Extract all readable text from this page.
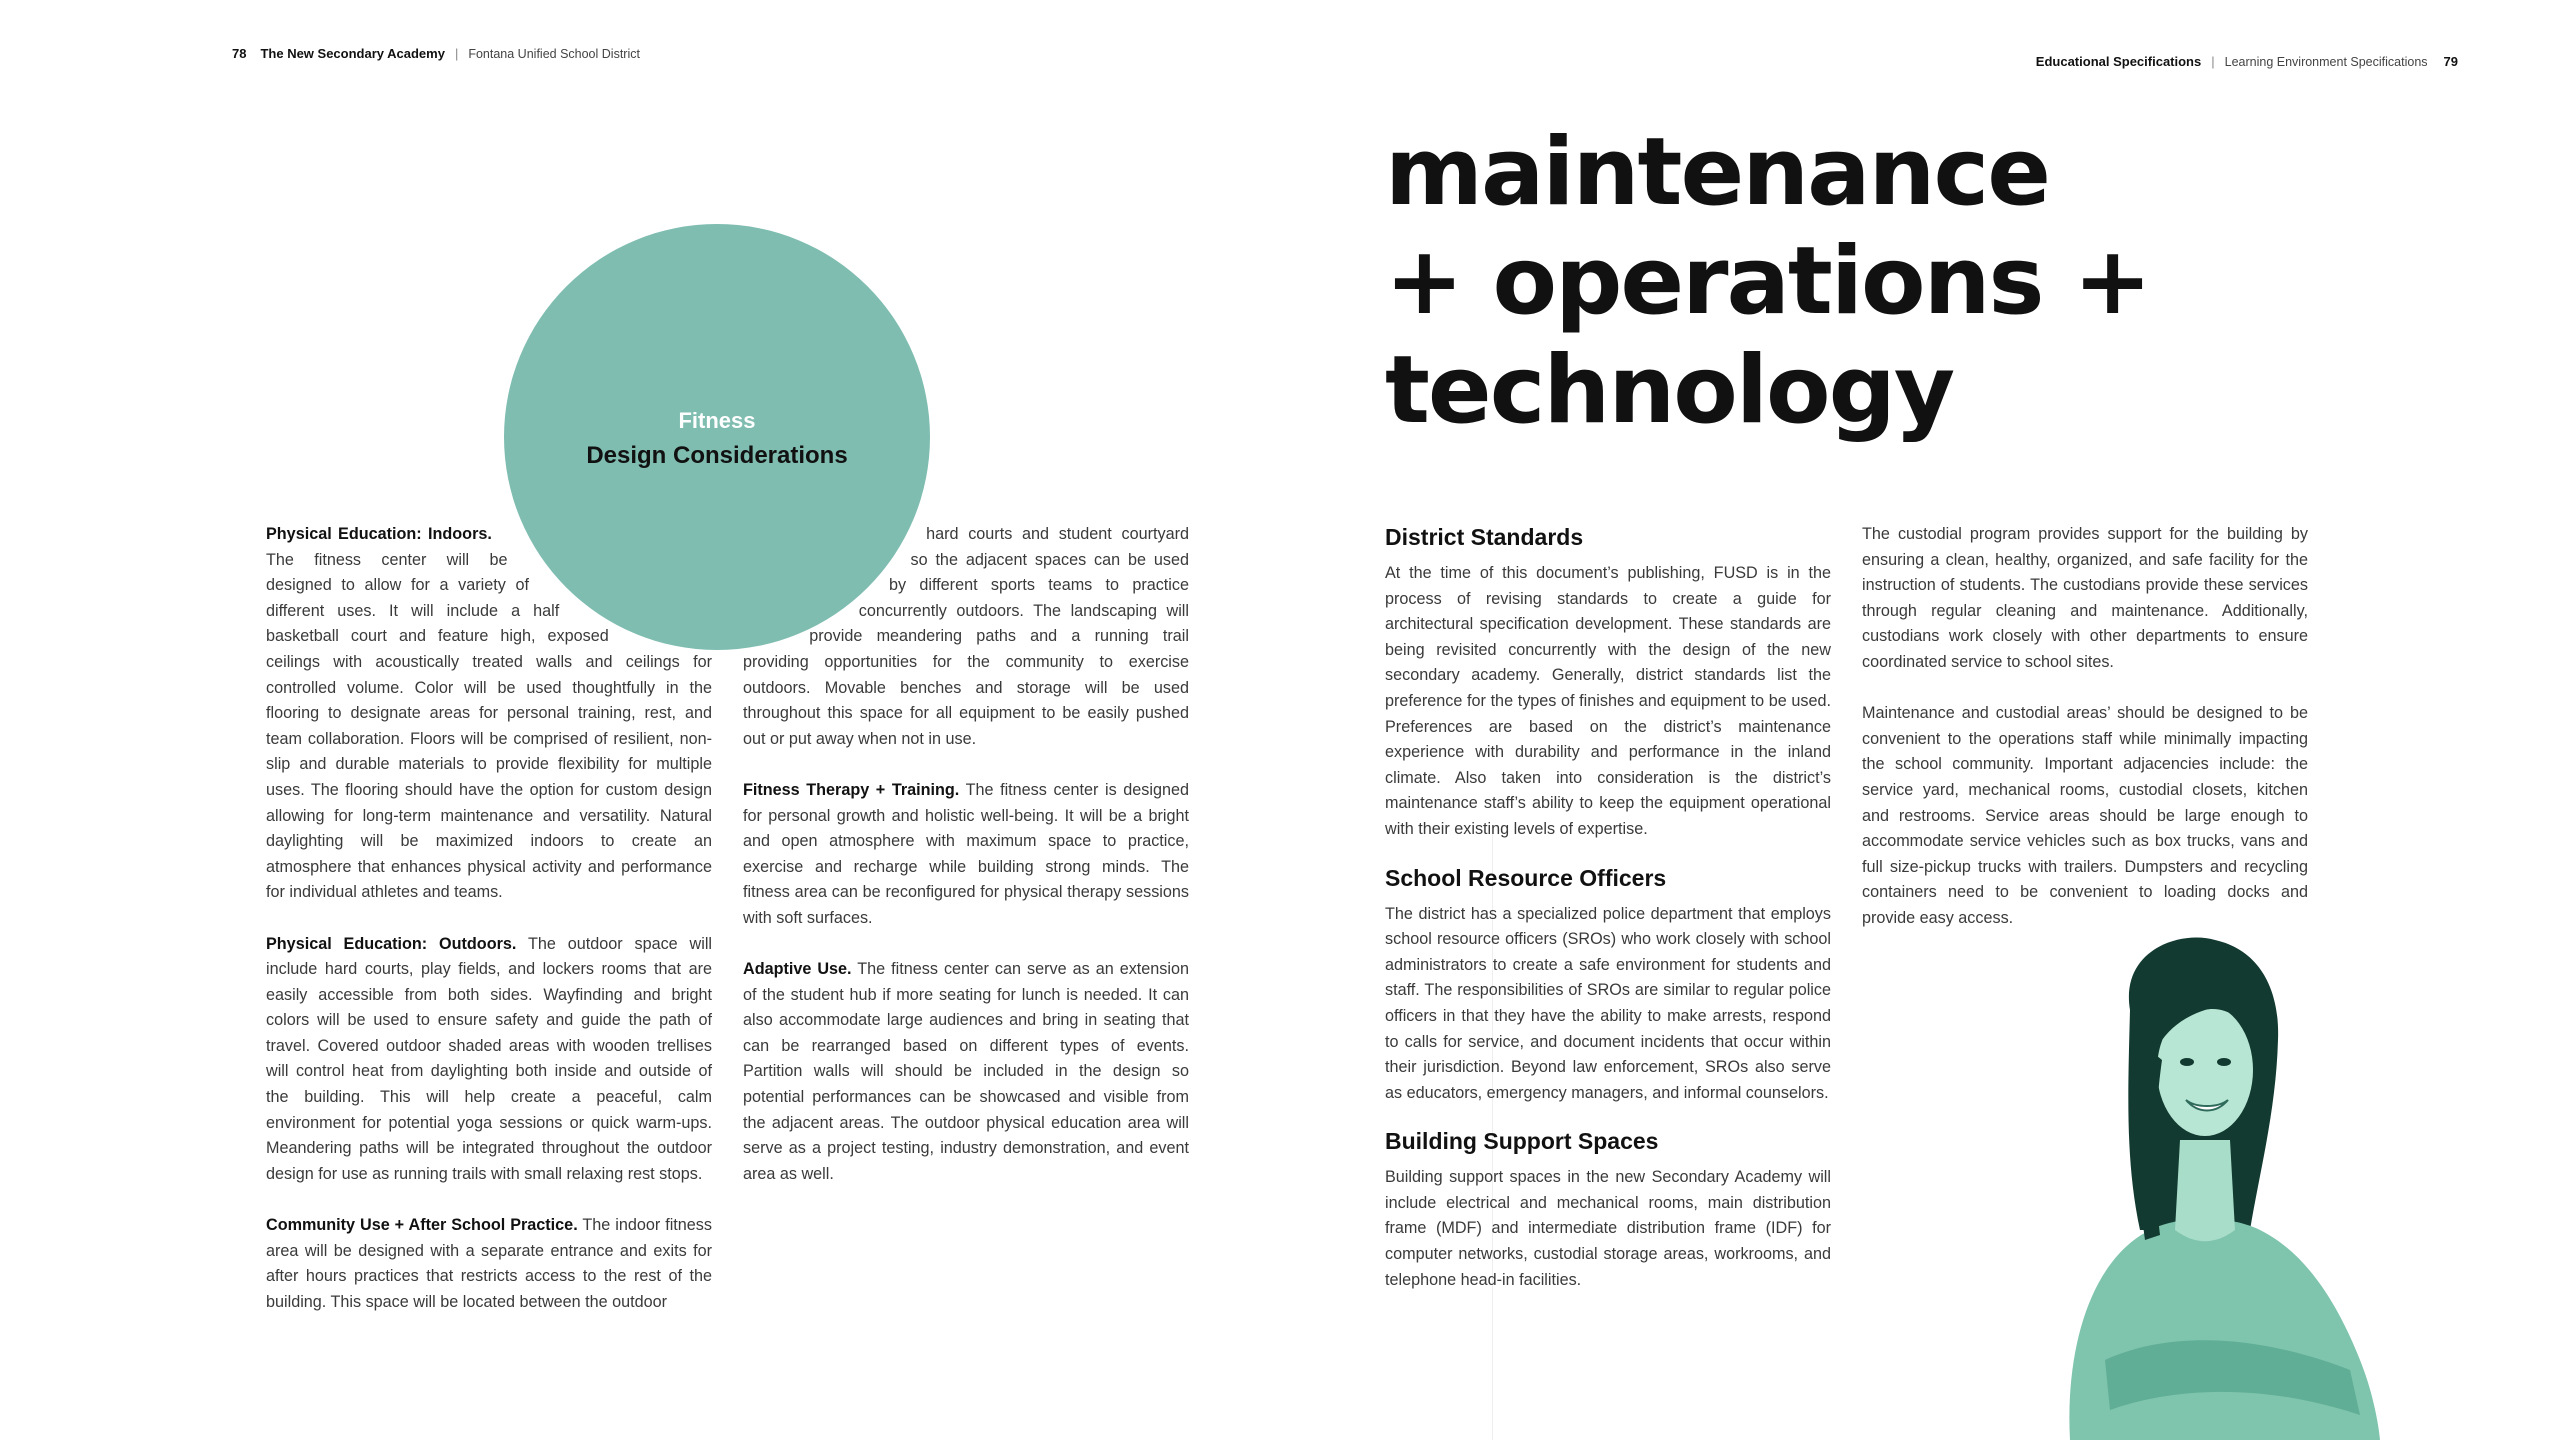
78 The New Secondary Academy | Fontana Unified School District
Fitness
Design Considerations

Physical Education: Indoors. The fitness center will be designed to allow for a variety of different uses. It will include a half basketball court and feature high, exposed ceilings with acoustically treated walls and ceilings for controlled volume. Color will be used thoughtfully in the flooring to designate areas for personal training, rest, and team collaboration. Floors will be comprised of resilient, non-slip and durable materials to provide flexibility for multiple uses. The flooring should have the option for custom design allowing for long-term maintenance and versatility. Natural daylighting will be maximized indoors to create an atmosphere that enhances physical activity and performance for individual athletes and teams.

Physical Education: Outdoors. The outdoor space will include hard courts, play fields, and lockers rooms that are easily accessible from both sides. Wayfinding and bright colors will be used to ensure safety and guide the path of travel. Covered outdoor shaded areas with wooden trellises will control heat from daylighting both inside and outside of the building. This will help create a peaceful, calm environment for potential yoga sessions or quick warm-ups. Meandering paths will be integrated throughout the outdoor design for use as running trails with small relaxing rest stops.

Community Use + After School Practice. The indoor fitness area will be designed with a separate entrance and exits for after hours practices that restricts access to the rest of the building. This space will be located between the outdoor

hard courts and student courtyard so the adjacent spaces can be used by different sports teams to practice concurrently outdoors. The landscaping will provide meandering paths and a running trail providing opportunities for the community to exercise outdoors. Movable benches and storage will be used throughout this space for all equipment to be easily pushed out or put away when not in use.

Fitness Therapy + Training. The fitness center is designed for personal growth and holistic well-being. It will be a bright and open atmosphere with maximum space to practice, exercise and recharge while building strong minds. The fitness area can be reconfigured for physical therapy sessions with soft surfaces.

Adaptive Use. The fitness center can serve as an extension of the student hub if more seating for lunch is needed. It can also accommodate large audiences and bring in seating that can be rearranged based on different types of events. Partition walls will should be included in the design so potential performances can be showcased and visible from the adjacent areas. The outdoor physical education area will serve as a project testing, industry demonstration, and event area as well.

Educational Specifications | Learning Environment Specifications 79
maintenance
+ operations +
technology
District Standards
At the time of this document’s publishing, FUSD is in the process of revising standards to create a guide for architectural specification development. These standards are being revisited concurrently with the design of the new secondary academy. Generally, district standards list the preference for the types of finishes and equipment to be used. Preferences are based on the district’s maintenance experience with durability and performance in the inland climate. Also taken into consideration is the district’s maintenance staff’s ability to keep the equipment operational with their existing levels of expertise.
School Resource Officers
The district has a specialized police department that employs school resource officers (SROs) who work closely with school administrators to create a safe environment for students and staff. The responsibilities of SROs are similar to regular police officers in that they have the ability to make arrests, respond to calls for service, and document incidents that occur within their jurisdiction. Beyond law enforcement, SROs also serve as educators, emergency managers, and informal counselors.
Building Support Spaces
Building support spaces in the new Secondary Academy will include electrical and mechanical rooms, main distribution frame (MDF) and intermediate distribution frame (IDF) for computer networks, custodial storage areas, workrooms, and telephone head-in facilities.

The custodial program provides support for the building by ensuring a clean, healthy, organized, and safe facility for the instruction of students. The custodians provide these services through regular cleaning and maintenance. Additionally, custodians work closely with other departments to ensure coordinated service to school sites.

Maintenance and custodial areas’ should be designed to be convenient to the operations staff while minimally impacting the school community. Important adjacencies include: the service yard, mechanical rooms, custodial closets, kitchen and restrooms. Service areas should be large enough to accommodate service vehicles such as box trucks, vans and full size-pickup trucks with trailers. Dumpsters and recycling containers need to be convenient to loading docks and provide easy access.
